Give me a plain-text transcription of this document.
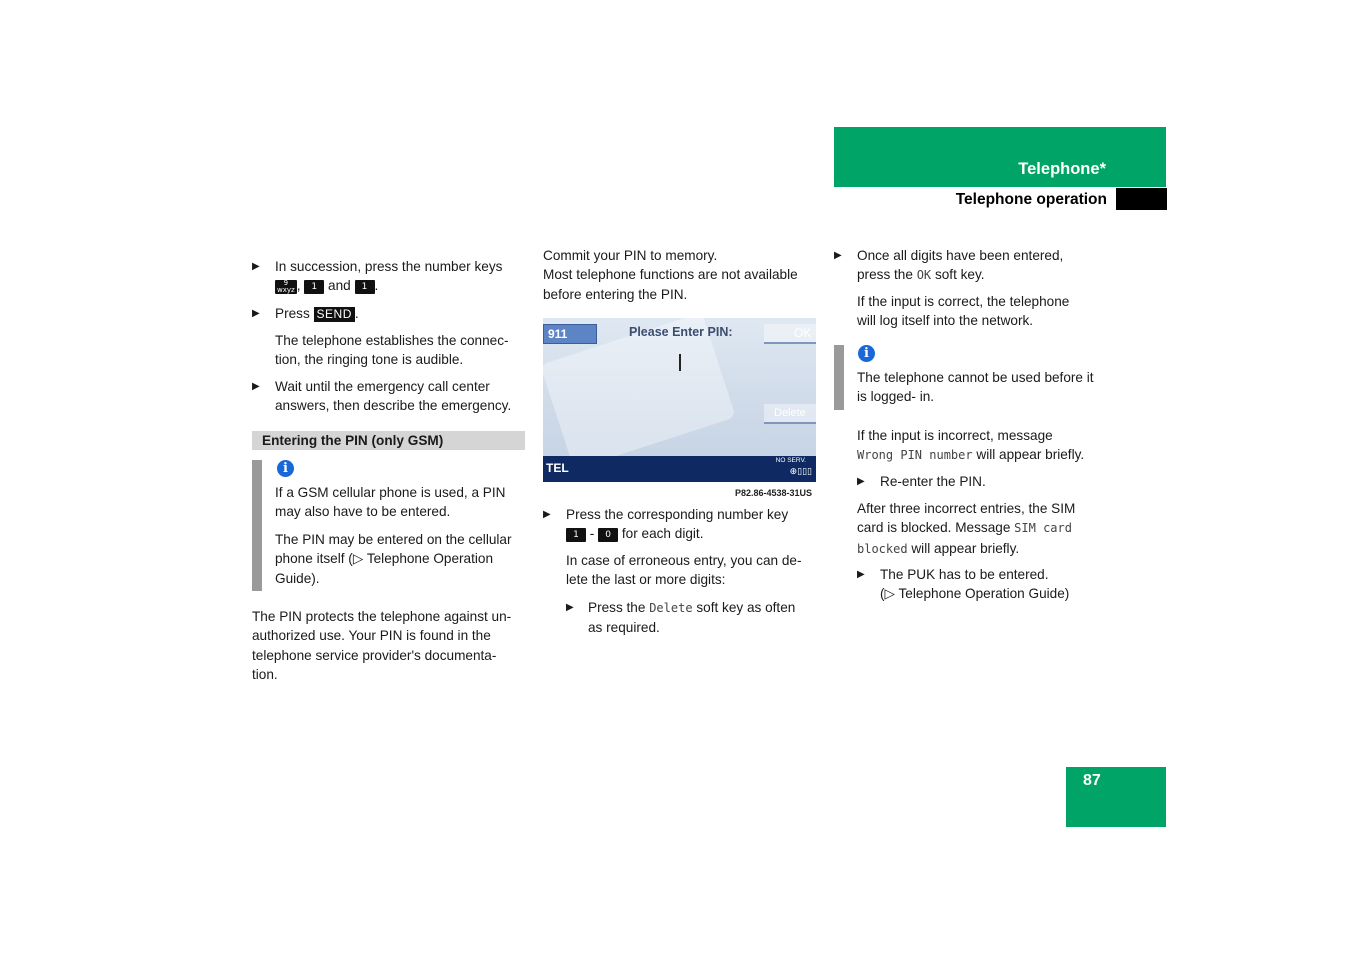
Telephone*
Telephone operation
▶ In succession, press the number keys
9
wxyz , 1 and 1 .

▶ Press SEND .

The telephone establishes the connec-
tion, the ringing tone is audible.

▶ Wait until the emergency call center
answers, then describe the emergency.

Entering the PIN (only GSM)
i

If a GSM cellular phone is used, a PIN
may also have to be entered.

The PIN may be entered on the cellular
phone itself (▷ Telephone Operation
Guide).

The PIN protects the telephone against un-
authorized use. Your PIN is found in the
telephone service provider's documenta-
tion.

Commit your PIN to memory.
Most telephone functions are not available
before entering the PIN.

911	Please Enter PIN:	OK
Delete
TEL
NO SERV.
⊕▯▯▯
P82.86-4538-31US
▶ Press the corresponding number key
1 - 0 for each digit.

In case of erroneous entry, you can de-
lete the last or more digits:

▶ Press the Delete soft key as often
as required.

▶ Once all digits have been entered,
press the OK soft key.

If the input is correct, the telephone
will log itself into the network.

i

The telephone cannot be used before it
is logged- in.

If the input is incorrect, message
Wrong PIN number will appear briefly.

▶ Re-enter the PIN.

After three incorrect entries, the SIM
card is blocked. Message SIM card
blocked will appear briefly.

▶ The PUK has to be entered.
(▷ Telephone Operation Guide)

87
